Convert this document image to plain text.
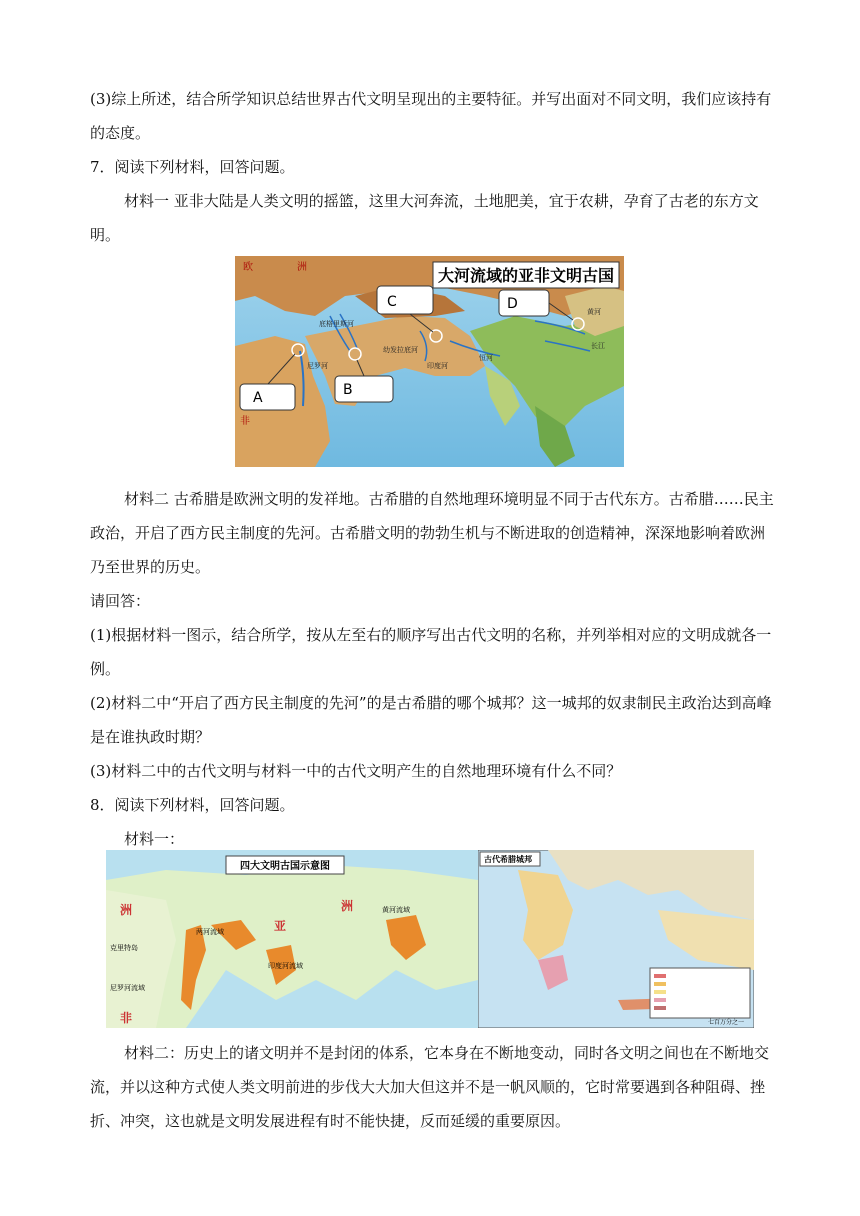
(3)综上所述，结合所学知识总结世界古代文明呈现出的主要特征。并写出面对不同文明，我们应该持有的态度。

7．阅读下列材料，回答问题。

材料一 亚非大陆是人类文明的摇篮，这里大河奔流，土地肥美，宜于农耕，孕育了古老的东方文明。

大河流域的亚非文明古国
A	B
C	D
欧	洲
非
幼发拉底河
底格里斯河
尼罗河	印度河
恒河
黄河
长江

材料二 古希腊是欧洲文明的发祥地。古希腊的自然地理环境明显不同于古代东方。古希腊……民主政治，开启了西方民主制度的先河。古希腊文明的勃勃生机与不断进取的创造精神，深深地影响着欧洲乃至世界的历史。

请回答：

(1)根据材料一图示，结合所学，按从左至右的顺序写出古代文明的名称，并列举相对应的文明成就各一例。

(2)材料二中“开启了西方民主制度的先河”的是古希腊的哪个城邦？这一城邦的奴隶制民主政治达到高峰是在谁执政时期？

(3)材料二中的古代文明与材料一中的古代文明产生的自然地理环境有什么不同？

8．阅读下列材料，回答问题。

材料一：

四大文明古国示意图
洲
亚
洲
非
两河流域
黄河流域
印度河流域
尼罗河流域
克里特岛
古代希腊城邦
七百万分之一

材料二：历史上的诸文明并不是封闭的体系，它本身在不断地变动，同时各文明之间也在不断地交流，并以这种方式使人类文明前进的步伐大大加大但这并不是一帆风顺的，它时常要遇到各种阻碍、挫折、冲突，这也就是文明发展进程有时不能快捷，反而延缓的重要原因。
